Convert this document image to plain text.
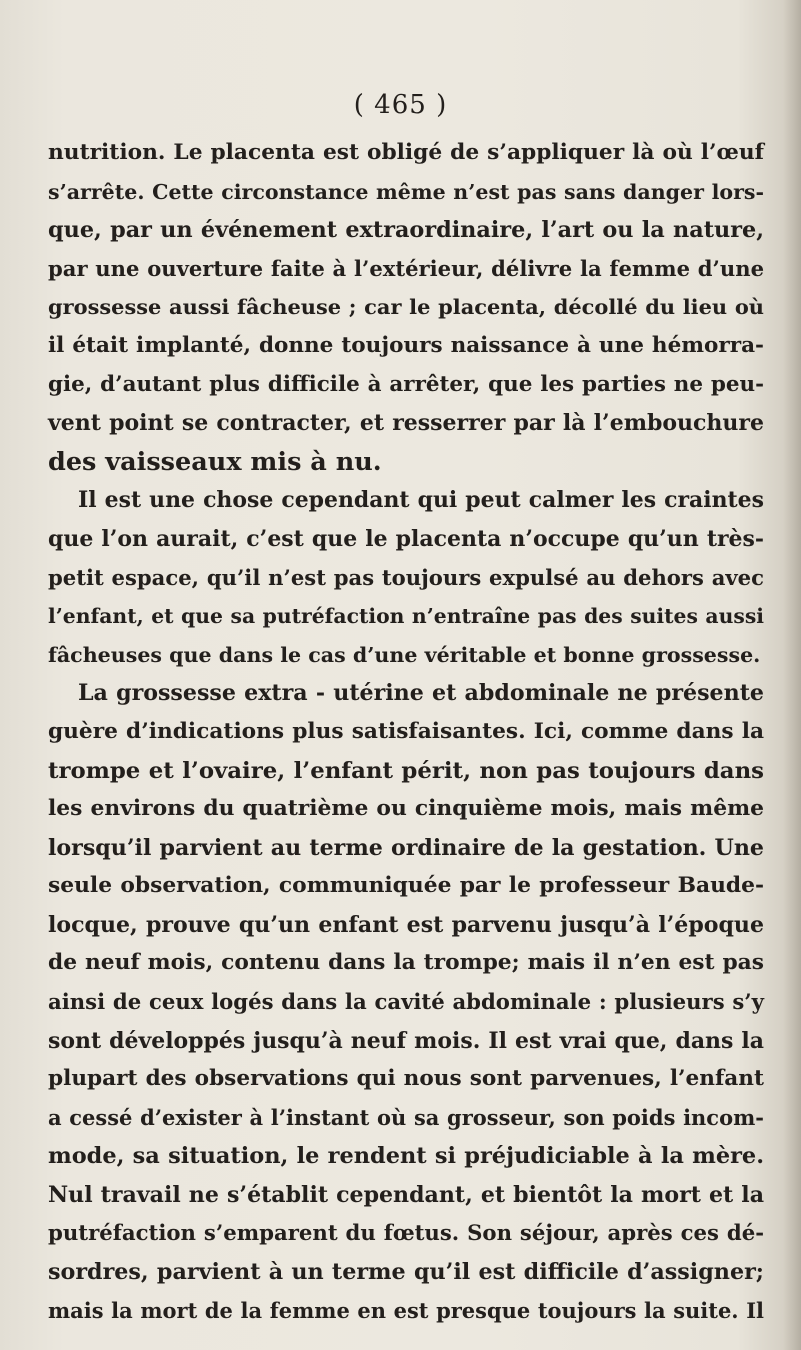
( 465 )
nutrition. Le placenta est obligé de s’appliquer là où l’œuf
s’arrête. Cette circonstance même n’est pas sans danger lors-
que, par un événement extraordinaire, l’art ou la nature,
par une ouverture faite à l’extérieur, délivre la femme d’une
grossesse aussi fâcheuse ; car le placenta, décollé du lieu où
il était implanté, donne toujours naissance à une hémorra-
gie, d’autant plus difficile à arrêter, que les parties ne peu-
vent point se contracter, et resserrer par là l’embouchure
des vaisseaux mis à nu.
Il est une chose cependant qui peut calmer les craintes
que l’on aurait, c’est que le placenta n’occupe qu’un très-
petit espace, qu’il n’est pas toujours expulsé au dehors avec
l’enfant, et que sa putréfaction n’entraîne pas des suites aussi
fâcheuses que dans le cas d’une véritable et bonne grossesse.
La grossesse extra - utérine et abdominale ne présente
guère d’indications plus satisfaisantes. Ici, comme dans la
trompe et l’ovaire, l’enfant périt, non pas toujours dans
les environs du quatrième ou cinquième mois, mais même
lorsqu’il parvient au terme ordinaire de la gestation. Une
seule observation, communiquée par le professeur Baude-
locque, prouve qu’un enfant est parvenu jusqu’à l’époque
de neuf mois, contenu dans la trompe; mais il n’en est pas
ainsi de ceux logés dans la cavité abdominale : plusieurs s’y
sont développés jusqu’à neuf mois. Il est vrai que, dans la
plupart des observations qui nous sont parvenues, l’enfant
a cessé d’exister à l’instant où sa grosseur, son poids incom-
mode, sa situation, le rendent si préjudiciable à la mère.
Nul travail ne s’établit cependant, et bientôt la mort et la
putréfaction s’emparent du fœtus. Son séjour, après ces dé-
sordres, parvient à un terme qu’il est difficile d’assigner;
mais la mort de la femme en est presque toujours la suite. Il
